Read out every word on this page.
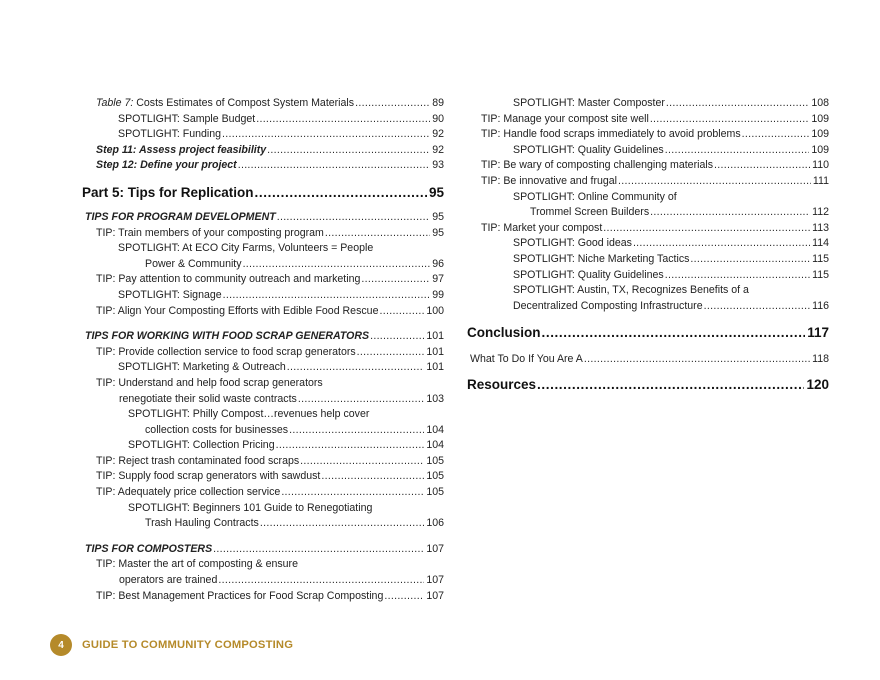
Table 7: Costs Estimates of Compost System Materials .....	89
SPOTLIGHT: Sample Budget .....	90
SPOTLIGHT: Funding .....	92
Step 11: Assess project feasibility .....	92
Step 12: Define your project .....	93
Part 5: Tips for Replication .....	95
TIPS FOR PROGRAM DEVELOPMENT .....	95
TIP: Train members of your composting program .....	95
SPOTLIGHT: At ECO City Farms, Volunteers = People
Power & Community .....	96
TIP: Pay attention to community outreach and marketing .....	97
SPOTLIGHT: Signage .....	99
TIP: Align Your Composting Efforts with Edible Food Rescue .....	100
TIPS FOR WORKING WITH FOOD SCRAP GENERATORS .....	101
TIP: Provide collection service to food scrap generators .....	101
SPOTLIGHT: Marketing & Outreach .....	101
TIP: Understand and help food scrap generators
renegotiate their solid waste contracts .....	103
SPOTLIGHT: Philly Compost…revenues help cover
collection costs for businesses .....	104
SPOTLIGHT: Collection Pricing .....	104
TIP: Reject trash contaminated food scraps .....	105
TIP: Supply food scrap generators with sawdust .....	105
TIP: Adequately price collection service .....	105
SPOTLIGHT: Beginners 101 Guide to Renegotiating
Trash Hauling Contracts .....	106
TIPS FOR COMPOSTERS .....	107
TIP: Master the art of composting & ensure
operators are trained .....	107
TIP: Best Management Practices for Food Scrap Composting .....	107
SPOTLIGHT: Master Composter .....	108
TIP: Manage your compost site well .....	109
TIP: Handle food scraps immediately to avoid problems .....	109
SPOTLIGHT: Quality Guidelines .....	109
TIP: Be wary of composting challenging materials .....	110
TIP: Be innovative and frugal .....	111
SPOTLIGHT: Online Community of
Trommel Screen Builders .....	112
TIP: Market your compost .....	113
SPOTLIGHT: Good ideas .....	114
SPOTLIGHT: Niche Marketing Tactics .....	115
SPOTLIGHT: Quality Guidelines .....	115
SPOTLIGHT: Austin, TX, Recognizes Benefits of a
Decentralized Composting Infrastructure .....	116
Conclusion .....	117
What To Do If You Are A .....	118
Resources .....	120
4	GUIDE TO COMMUNITY COMPOSTING
